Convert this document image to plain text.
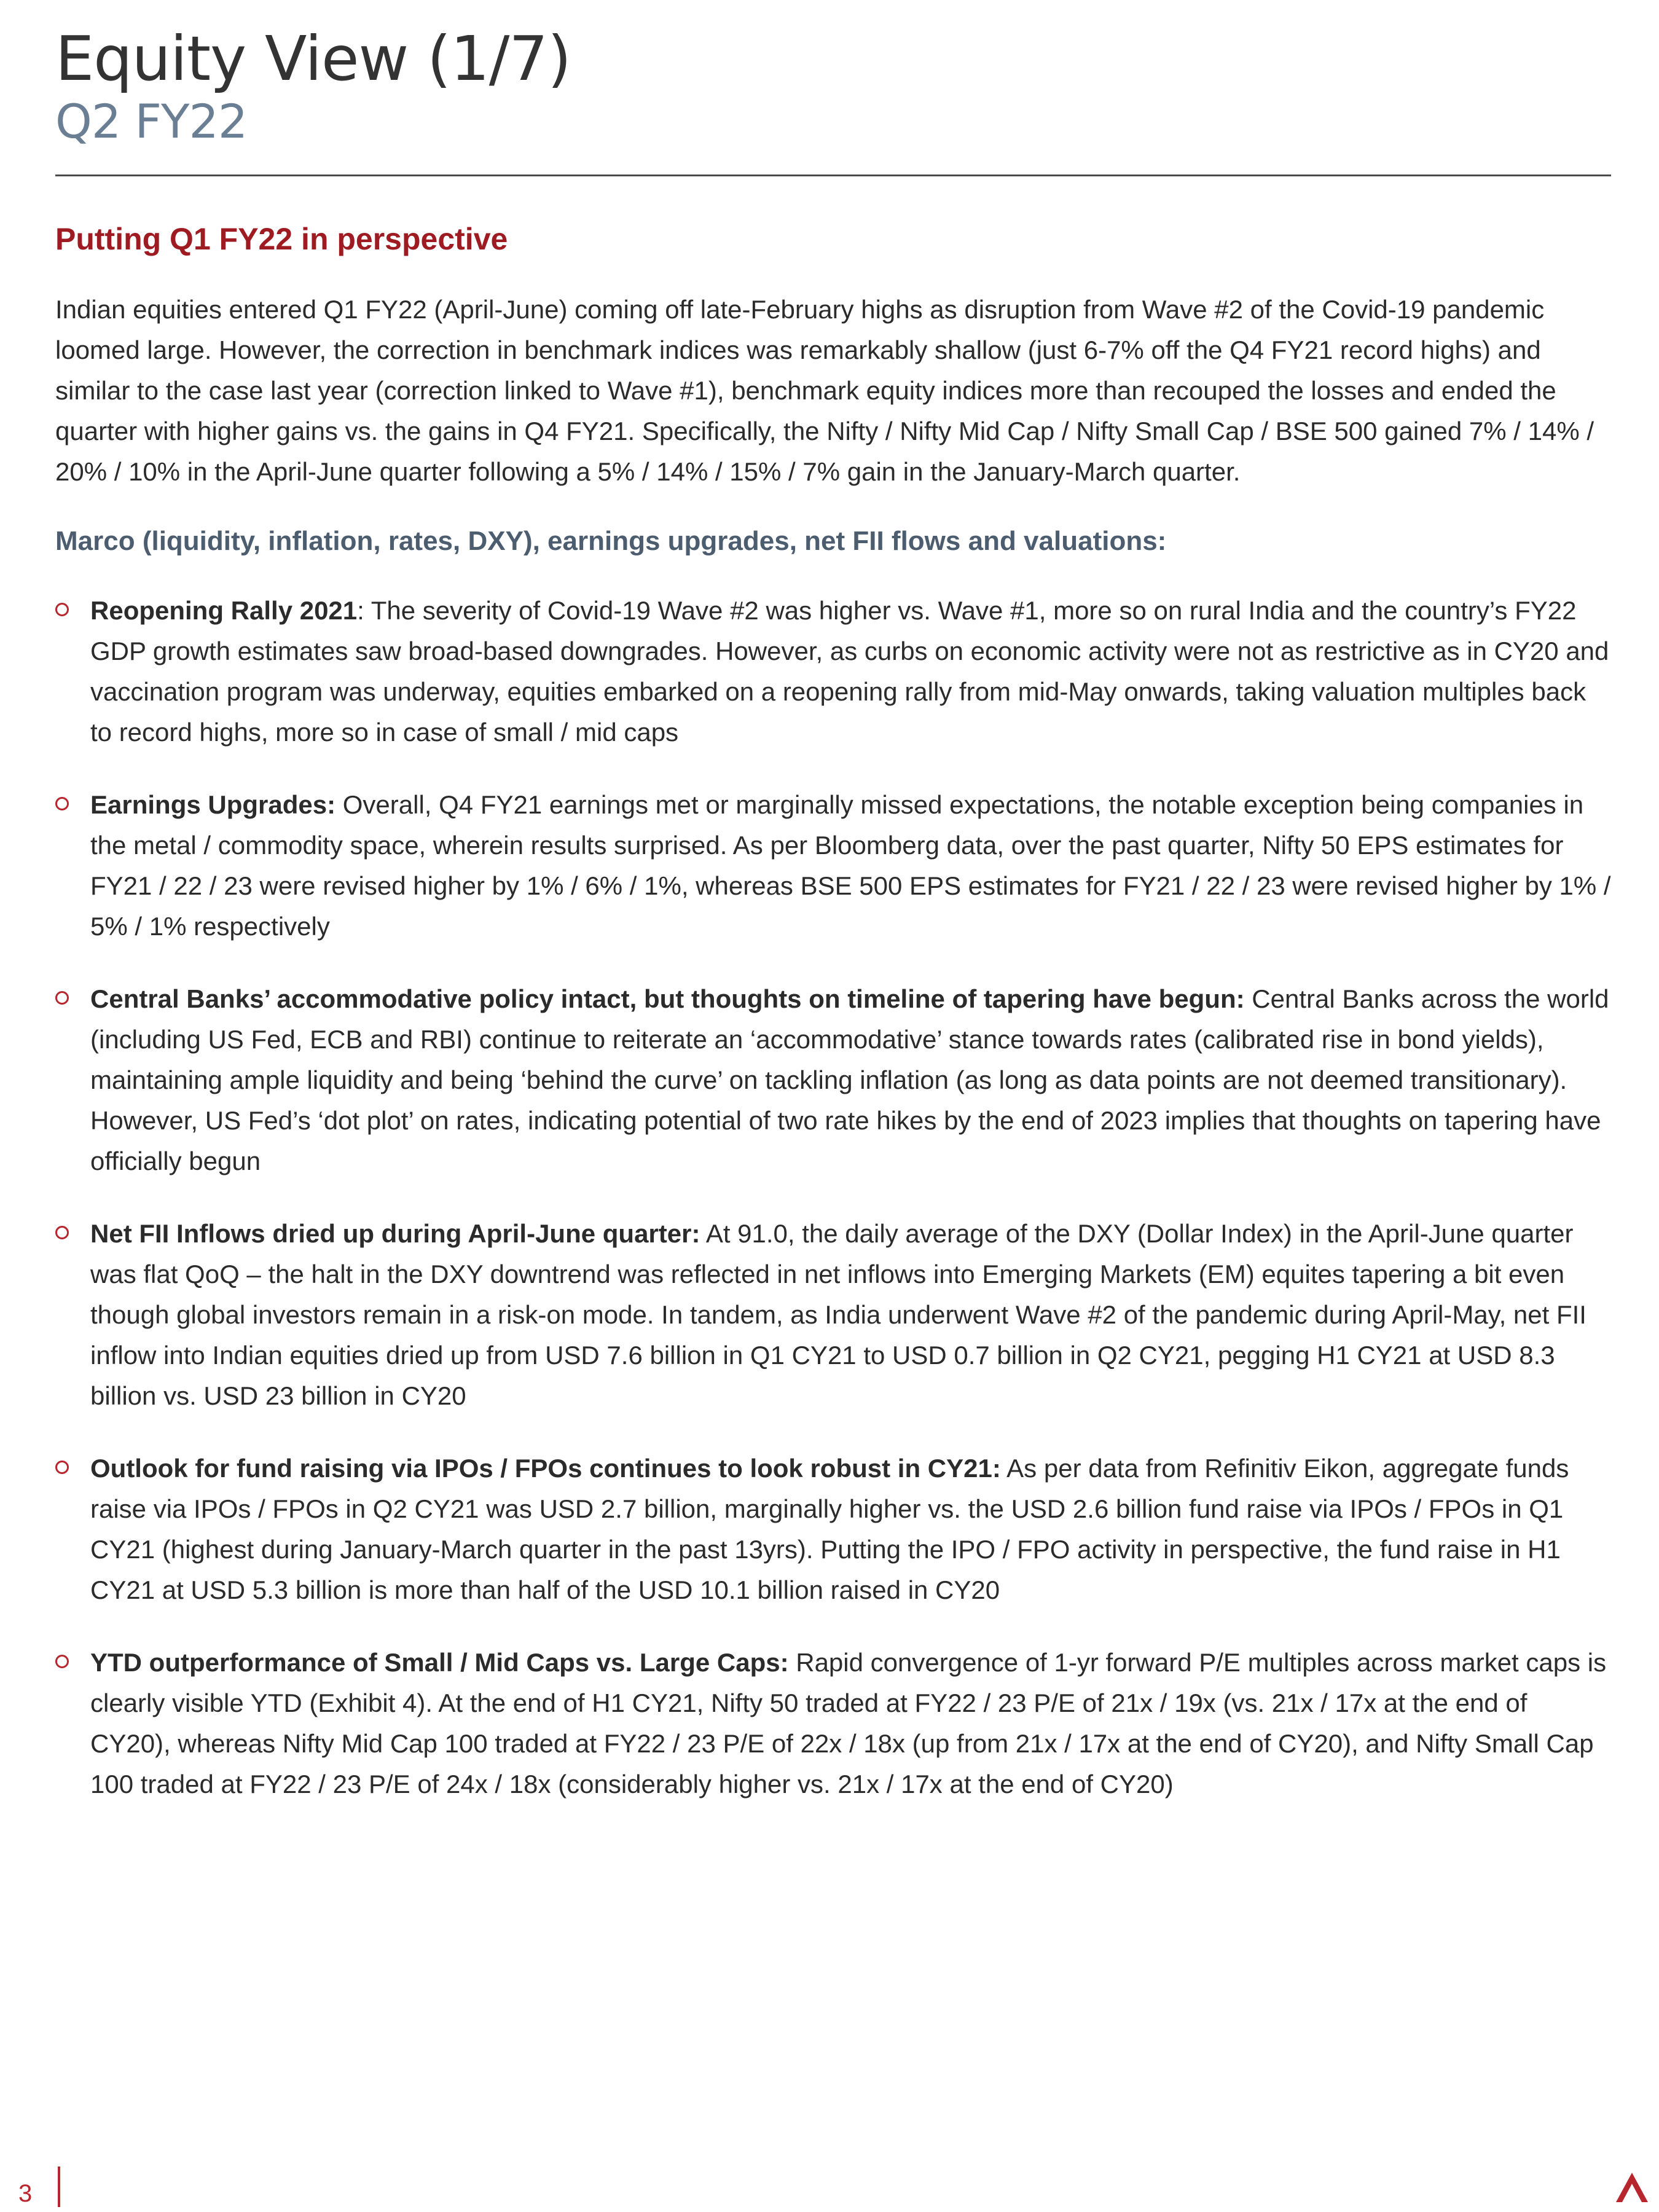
Equity View (1/7)
Q2 FY22
Putting Q1 FY22 in perspective

Indian equities entered Q1 FY22 (April-June) coming off late-February highs as disruption from Wave #2 of the Covid-19 pandemic loomed large. However, the correction in benchmark indices was remarkably shallow (just 6-7% off the Q4 FY21 record highs) and similar to the case last year (correction linked to Wave #1), benchmark equity indices more than recouped the losses and ended the quarter with higher gains vs. the gains in Q4 FY21. Specifically, the Nifty / Nifty Mid Cap / Nifty Small Cap / BSE 500 gained 7% / 14% / 20% / 10% in the April-June quarter following a 5% / 14% / 15% / 7% gain in the January-March quarter.

Marco (liquidity, inflation, rates, DXY), earnings upgrades, net FII flows and valuations:
Reopening Rally 2021: The severity of Covid-19 Wave #2 was higher vs. Wave #1, more so on rural India and the country’s FY22 GDP growth estimates saw broad-based downgrades. However, as curbs on economic activity were not as restrictive as in CY20 and vaccination program was underway, equities embarked on a reopening rally from mid-May onwards, taking valuation multiples back to record highs, more so in case of small / mid caps
Earnings Upgrades: Overall, Q4 FY21 earnings met or marginally missed expectations, the notable exception being companies in the metal / commodity space, wherein results surprised. As per Bloomberg data, over the past quarter, Nifty 50 EPS estimates for FY21 / 22 / 23 were revised higher by 1% / 6% / 1%, whereas BSE 500 EPS estimates for FY21 / 22 / 23 were revised higher by 1% / 5% / 1% respectively
Central Banks’ accommodative policy intact, but thoughts on timeline of tapering have begun: Central Banks across the world (including US Fed, ECB and RBI) continue to reiterate an ‘accommodative’ stance towards rates (calibrated rise in bond yields), maintaining ample liquidity and being ‘behind the curve’ on tackling inflation (as long as data points are not deemed transitionary). However, US Fed’s ‘dot plot’ on rates, indicating potential of two rate hikes by the end of 2023 implies that thoughts on tapering have officially begun
Net FII Inflows dried up during April-June quarter: At 91.0, the daily average of the DXY (Dollar Index) in the April-June quarter was flat QoQ – the halt in the DXY downtrend was reflected in net inflows into Emerging Markets (EM) equites tapering a bit even though global investors remain in a risk-on mode. In tandem, as India underwent Wave #2 of the pandemic during April-May, net FII inflow into Indian equities dried up from USD 7.6 billion in Q1 CY21 to USD 0.7 billion in Q2 CY21, pegging H1 CY21 at USD 8.3 billion vs. USD 23 billion in CY20
Outlook for fund raising via IPOs / FPOs continues to look robust in CY21: As per data from Refinitiv Eikon, aggregate funds raise via IPOs / FPOs in Q2 CY21 was USD 2.7 billion, marginally higher vs. the USD 2.6 billion fund raise via IPOs / FPOs in Q1 CY21 (highest during January-March quarter in the past 13yrs). Putting the IPO / FPO activity in perspective, the fund raise in H1 CY21 at USD 5.3 billion is more than half of the USD 10.1 billion raised in CY20
YTD outperformance of Small / Mid Caps vs. Large Caps: Rapid convergence of 1-yr forward P/E multiples across market caps is clearly visible YTD (Exhibit 4). At the end of H1 CY21, Nifty 50 traded at FY22 / 23 P/E of 21x / 19x (vs. 21x / 17x at the end of CY20), whereas Nifty Mid Cap 100 traded at FY22 / 23 P/E of 22x / 18x (up from 21x / 17x at the end of CY20), and Nifty Small Cap 100 traded at FY22 / 23 P/E of 24x / 18x (considerably higher vs. 21x / 17x at the end of CY20)
3
